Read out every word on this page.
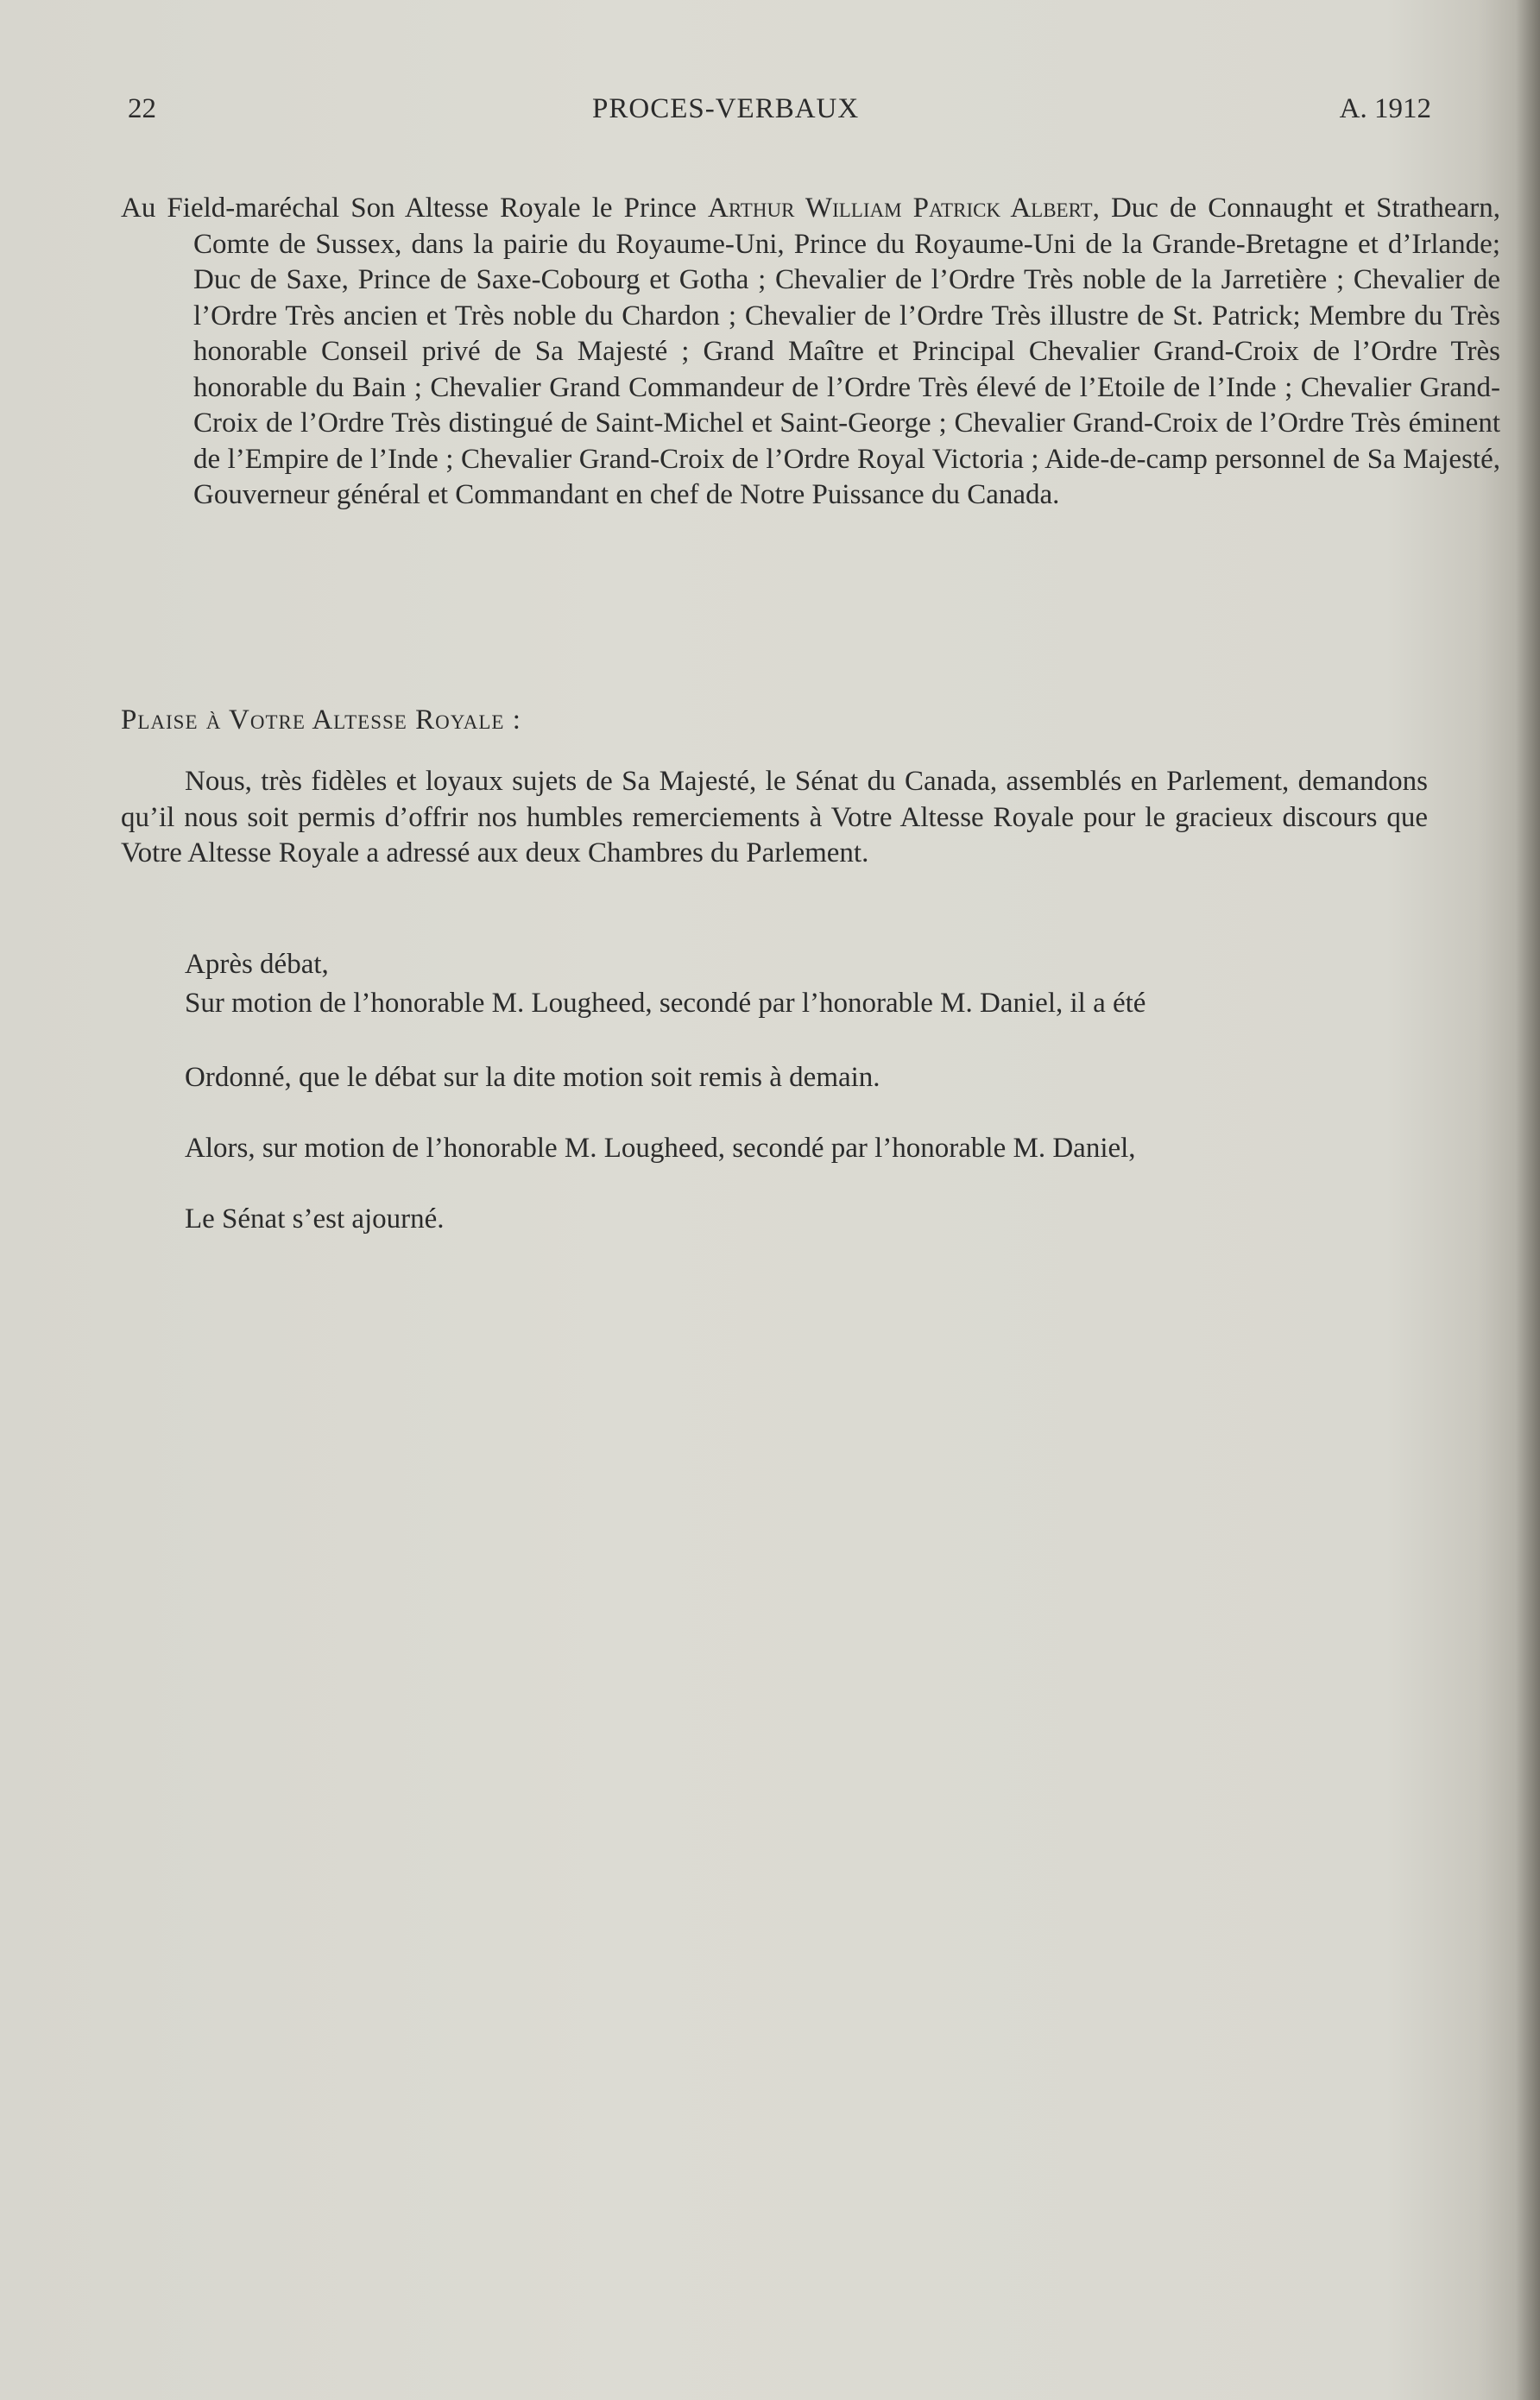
22	PROCES-VERBAUX	A. 1912
Au Field-maréchal Son Altesse Royale le Prince Arthur William Patrick Albert, Duc de Connaught et Strathearn, Comte de Sussex, dans la pairie du Royaume-Uni, Prince du Royaume-Uni de la Grande-Bretagne et d’Irlande; Duc de Saxe, Prince de Saxe-Cobourg et Gotha ; Chevalier de l’Ordre Très noble de la Jarretière ; Chevalier de l’Ordre Très ancien et Très noble du Chardon ; Chevalier de l’Ordre Très illustre de St. Patrick; Membre du Très honorable Conseil privé de Sa Majesté ; Grand Maître et Principal Chevalier Grand-Croix de l’Ordre Très honorable du Bain ; Chevalier Grand Commandeur de l’Ordre Très élevé de l’Etoile de l’Inde ; Chevalier Grand-Croix de l’Ordre Très distingué de Saint-Michel et Saint-George ; Chevalier Grand-Croix de l’Ordre Très éminent de l’Empire de l’Inde ; Chevalier Grand-Croix de l’Ordre Royal Victoria ; Aide-de-camp personnel de Sa Majesté, Gouverneur général et Commandant en chef de Notre Puissance du Canada.
Plaise à Votre Altesse Royale :
Nous, très fidèles et loyaux sujets de Sa Majesté, le Sénat du Canada, assemblés en Parlement, demandons qu’il nous soit permis d’offrir nos humbles remerciements à Votre Altesse Royale pour le gracieux discours que Votre Altesse Royale a adressé aux deux Chambres du Parlement.
Après débat,
Sur motion de l’honorable M. Lougheed, secondé par l’honorable M. Daniel, il a été
Ordonné, que le débat sur la dite motion soit remis à demain.
Alors, sur motion de l’honorable M. Lougheed, secondé par l’honorable M. Daniel,
Le Sénat s’est ajourné.
